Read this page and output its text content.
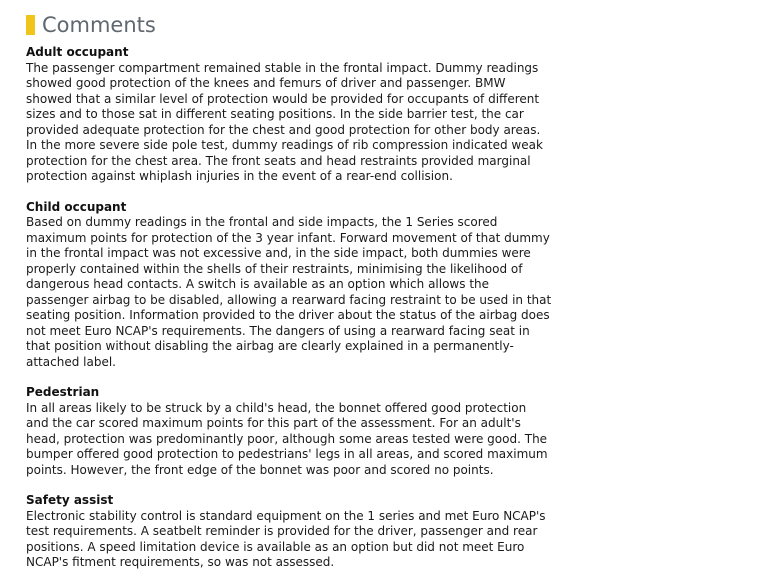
Comments
Adult occupant
The passenger compartment remained stable in the frontal impact. Dummy readings
showed good protection of the knees and femurs of driver and passenger. BMW
showed that a similar level of protection would be provided for occupants of different
sizes and to those sat in different seating positions. In the side barrier test, the car
provided adequate protection for the chest and good protection for other body areas.
In the more severe side pole test, dummy readings of rib compression indicated weak
protection for the chest area. The front seats and head restraints provided marginal
protection against whiplash injuries in the event of a rear-end collision.
Child occupant
Based on dummy readings in the frontal and side impacts, the 1 Series scored
maximum points for protection of the 3 year infant. Forward movement of that dummy
in the frontal impact was not excessive and, in the side impact, both dummies were
properly contained within the shells of their restraints, minimising the likelihood of
dangerous head contacts. A switch is available as an option which allows the
passenger airbag to be disabled, allowing a rearward facing restraint to be used in that
seating position. Information provided to the driver about the status of the airbag does
not meet Euro NCAP's requirements. The dangers of using a rearward facing seat in
that position without disabling the airbag are clearly explained in a permanently-
attached label.
Pedestrian
In all areas likely to be struck by a child's head, the bonnet offered good protection
and the car scored maximum points for this part of the assessment. For an adult's
head, protection was predominantly poor, although some areas tested were good. The
bumper offered good protection to pedestrians' legs in all areas, and scored maximum
points. However, the front edge of the bonnet was poor and scored no points.
Safety assist
Electronic stability control is standard equipment on the 1 series and met Euro NCAP's
test requirements. A seatbelt reminder is provided for the driver, passenger and rear
positions. A speed limitation device is available as an option but did not meet Euro
NCAP's fitment requirements, so was not assessed.
